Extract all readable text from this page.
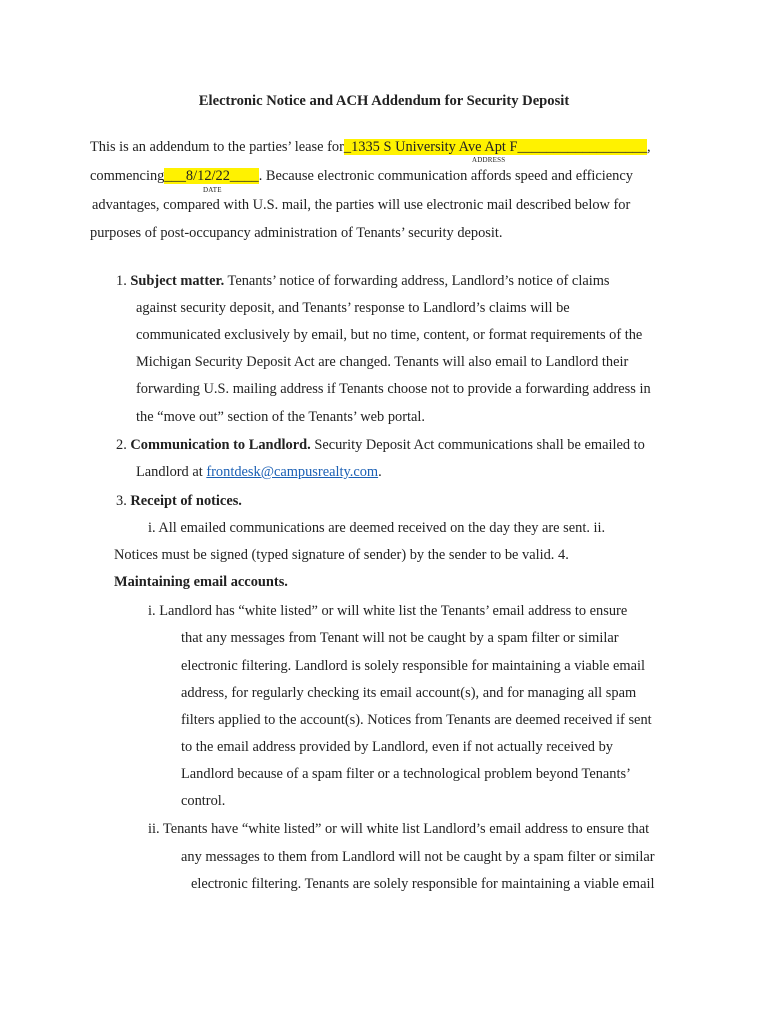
Electronic Notice and ACH Addendum for Security Deposit
This is an addendum to the parties’ lease for_1335 S University Ave Apt F__________________,
ADDRESS
commencing___8/12/22____. Because electronic communication affords speed and efficiency
DATE
advantages, compared with U.S. mail, the parties will use electronic mail described below for
purposes of post-occupancy administration of Tenants’ security deposit.
1. Subject matter. Tenants’ notice of forwarding address, Landlord’s notice of claims
against security deposit, and Tenants’ response to Landlord’s claims will be
communicated exclusively by email, but no time, content, or format requirements of the
Michigan Security Deposit Act are changed. Tenants will also email to Landlord their
forwarding U.S. mailing address if Tenants choose not to provide a forwarding address in
the “move out” section of the Tenants’ web portal.
2. Communication to Landlord. Security Deposit Act communications shall be emailed to
Landlord at frontdesk@campusrealty.com.
3. Receipt of notices.
i. All emailed communications are deemed received on the day they are sent. ii.
Notices must be signed (typed signature of sender) by the sender to be valid. 4.
Maintaining email accounts.
i. Landlord has “white listed” or will white list the Tenants’ email address to ensure
that any messages from Tenant will not be caught by a spam filter or similar
electronic filtering. Landlord is solely responsible for maintaining a viable email
address, for regularly checking its email account(s), and for managing all spam
filters applied to the account(s). Notices from Tenants are deemed received if sent
to the email address provided by Landlord, even if not actually received by
Landlord because of a spam filter or a technological problem beyond Tenants’
control.
ii. Tenants have “white listed” or will white list Landlord’s email address to ensure that
any messages to them from Landlord will not be caught by a spam filter or similar
electronic filtering. Tenants are solely responsible for maintaining a viable email
